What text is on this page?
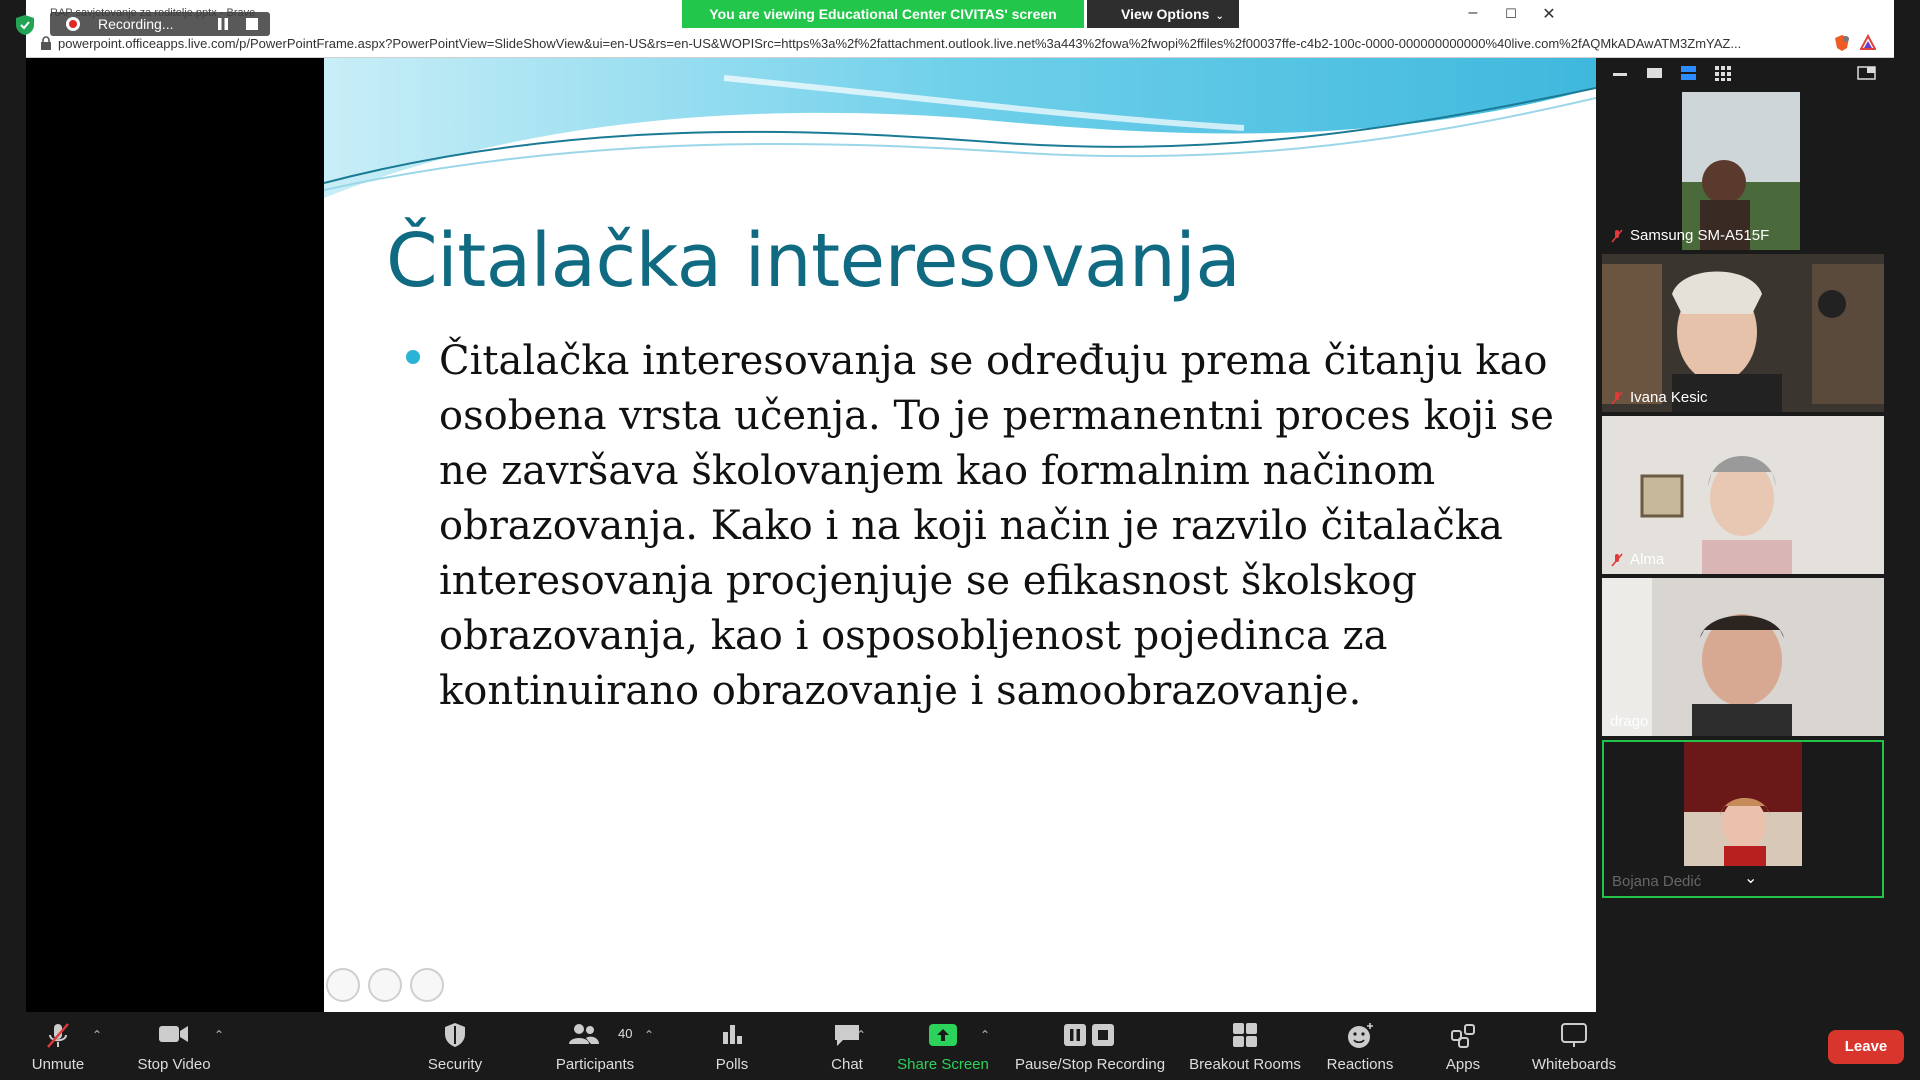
–	☐	✕
powerpoint.officeapps.live.com/p/PowerPointFrame.aspx?PowerPointView=SlideShowView&ui=en-US&rs=en-US&WOPISrc=https%3a%2f%2fattachment.outlook.live.net%3a443%2fowa%2fwopi%2ffiles%2f00037ffe-c4b2-100c-0000-000000000000%40live.com%2fAQMkADAwATM3ZmYAZ...
Recording...
You are viewing Educational Center CIVITAS' screen	View Options ⌄	View
Čitalačka interesovanja
Čitalačka interesovanja se određuju prema čitanju kao osobena vrsta učenja. To je permanentni proces koji se ne završava školovanjem kao formalnim načinom obrazovanja. Kako i na koji način je razvilo čitalačka interesovanja procjenjuje se efikasnost školskog obrazovanja, kao i osposobljenost pojedinca za kontinuirano obrazovanje i samoobrazovanje.
Samsung SM-A515F
Ivana Kesic
Alma
drago
Bojana Dedić	⌄
Unmute
⌃
Stop Video
⌃
Security
40
Participants
⌃
Polls	Chat
⌃
Share Screen
⌃
Pause/Stop Recording	Breakout Rooms	Reactions	Apps	Whiteboards
Leave
